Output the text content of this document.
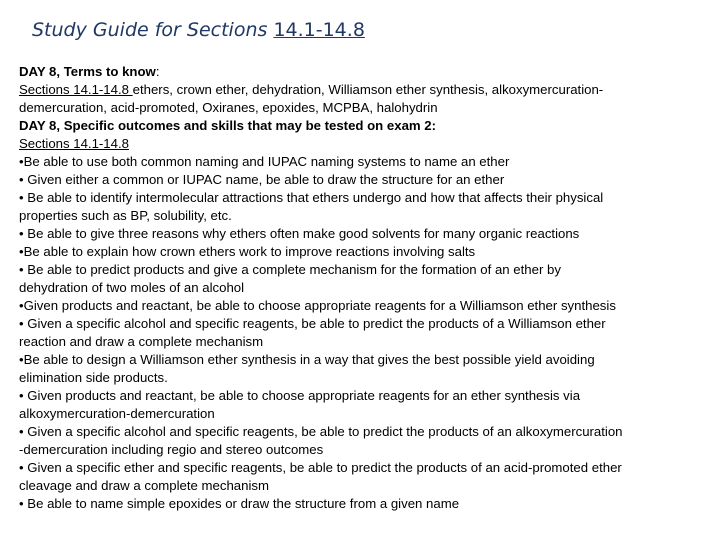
Study Guide for Sections 14.1-14.8
DAY 8, Terms to know:
Sections 14.1-14.8 ethers, crown ether, dehydration, Williamson ether synthesis, alkoxymercuration-
demercuration, acid-promoted, Oxiranes, epoxides, MCPBA, halohydrin
DAY 8, Specific outcomes and skills that may be tested on exam 2:
Sections 14.1-14.8
•Be able to use both common naming and IUPAC naming systems to name an ether
• Given either a common or IUPAC name, be able to draw the structure for an ether
• Be able to identify intermolecular attractions that ethers undergo and how that affects their physical
properties such as BP, solubility, etc.
• Be able to give three reasons why ethers often make good solvents for many organic reactions
•Be able to explain how crown ethers work to improve reactions involving salts
• Be able to predict products and give a complete mechanism for the formation of an ether by
dehydration of two moles of an alcohol
•Given products and reactant, be able to choose appropriate reagents for a Williamson ether synthesis
• Given a specific alcohol and specific reagents, be able to predict the products of a Williamson ether
reaction and draw a complete mechanism
•Be able to design a Williamson ether synthesis in a way that gives the best possible yield avoiding
elimination side products.
• Given products and reactant, be able to choose appropriate reagents for an ether synthesis via
alkoxymercuration-demercuration
• Given a specific alcohol and specific reagents, be able to predict the products of an alkoxymercuration
-demercuration including regio and stereo outcomes
• Given a specific ether and specific reagents, be able to predict the products of an acid-promoted ether
cleavage and draw a complete mechanism
• Be able to name simple epoxides or draw the structure from a given name
